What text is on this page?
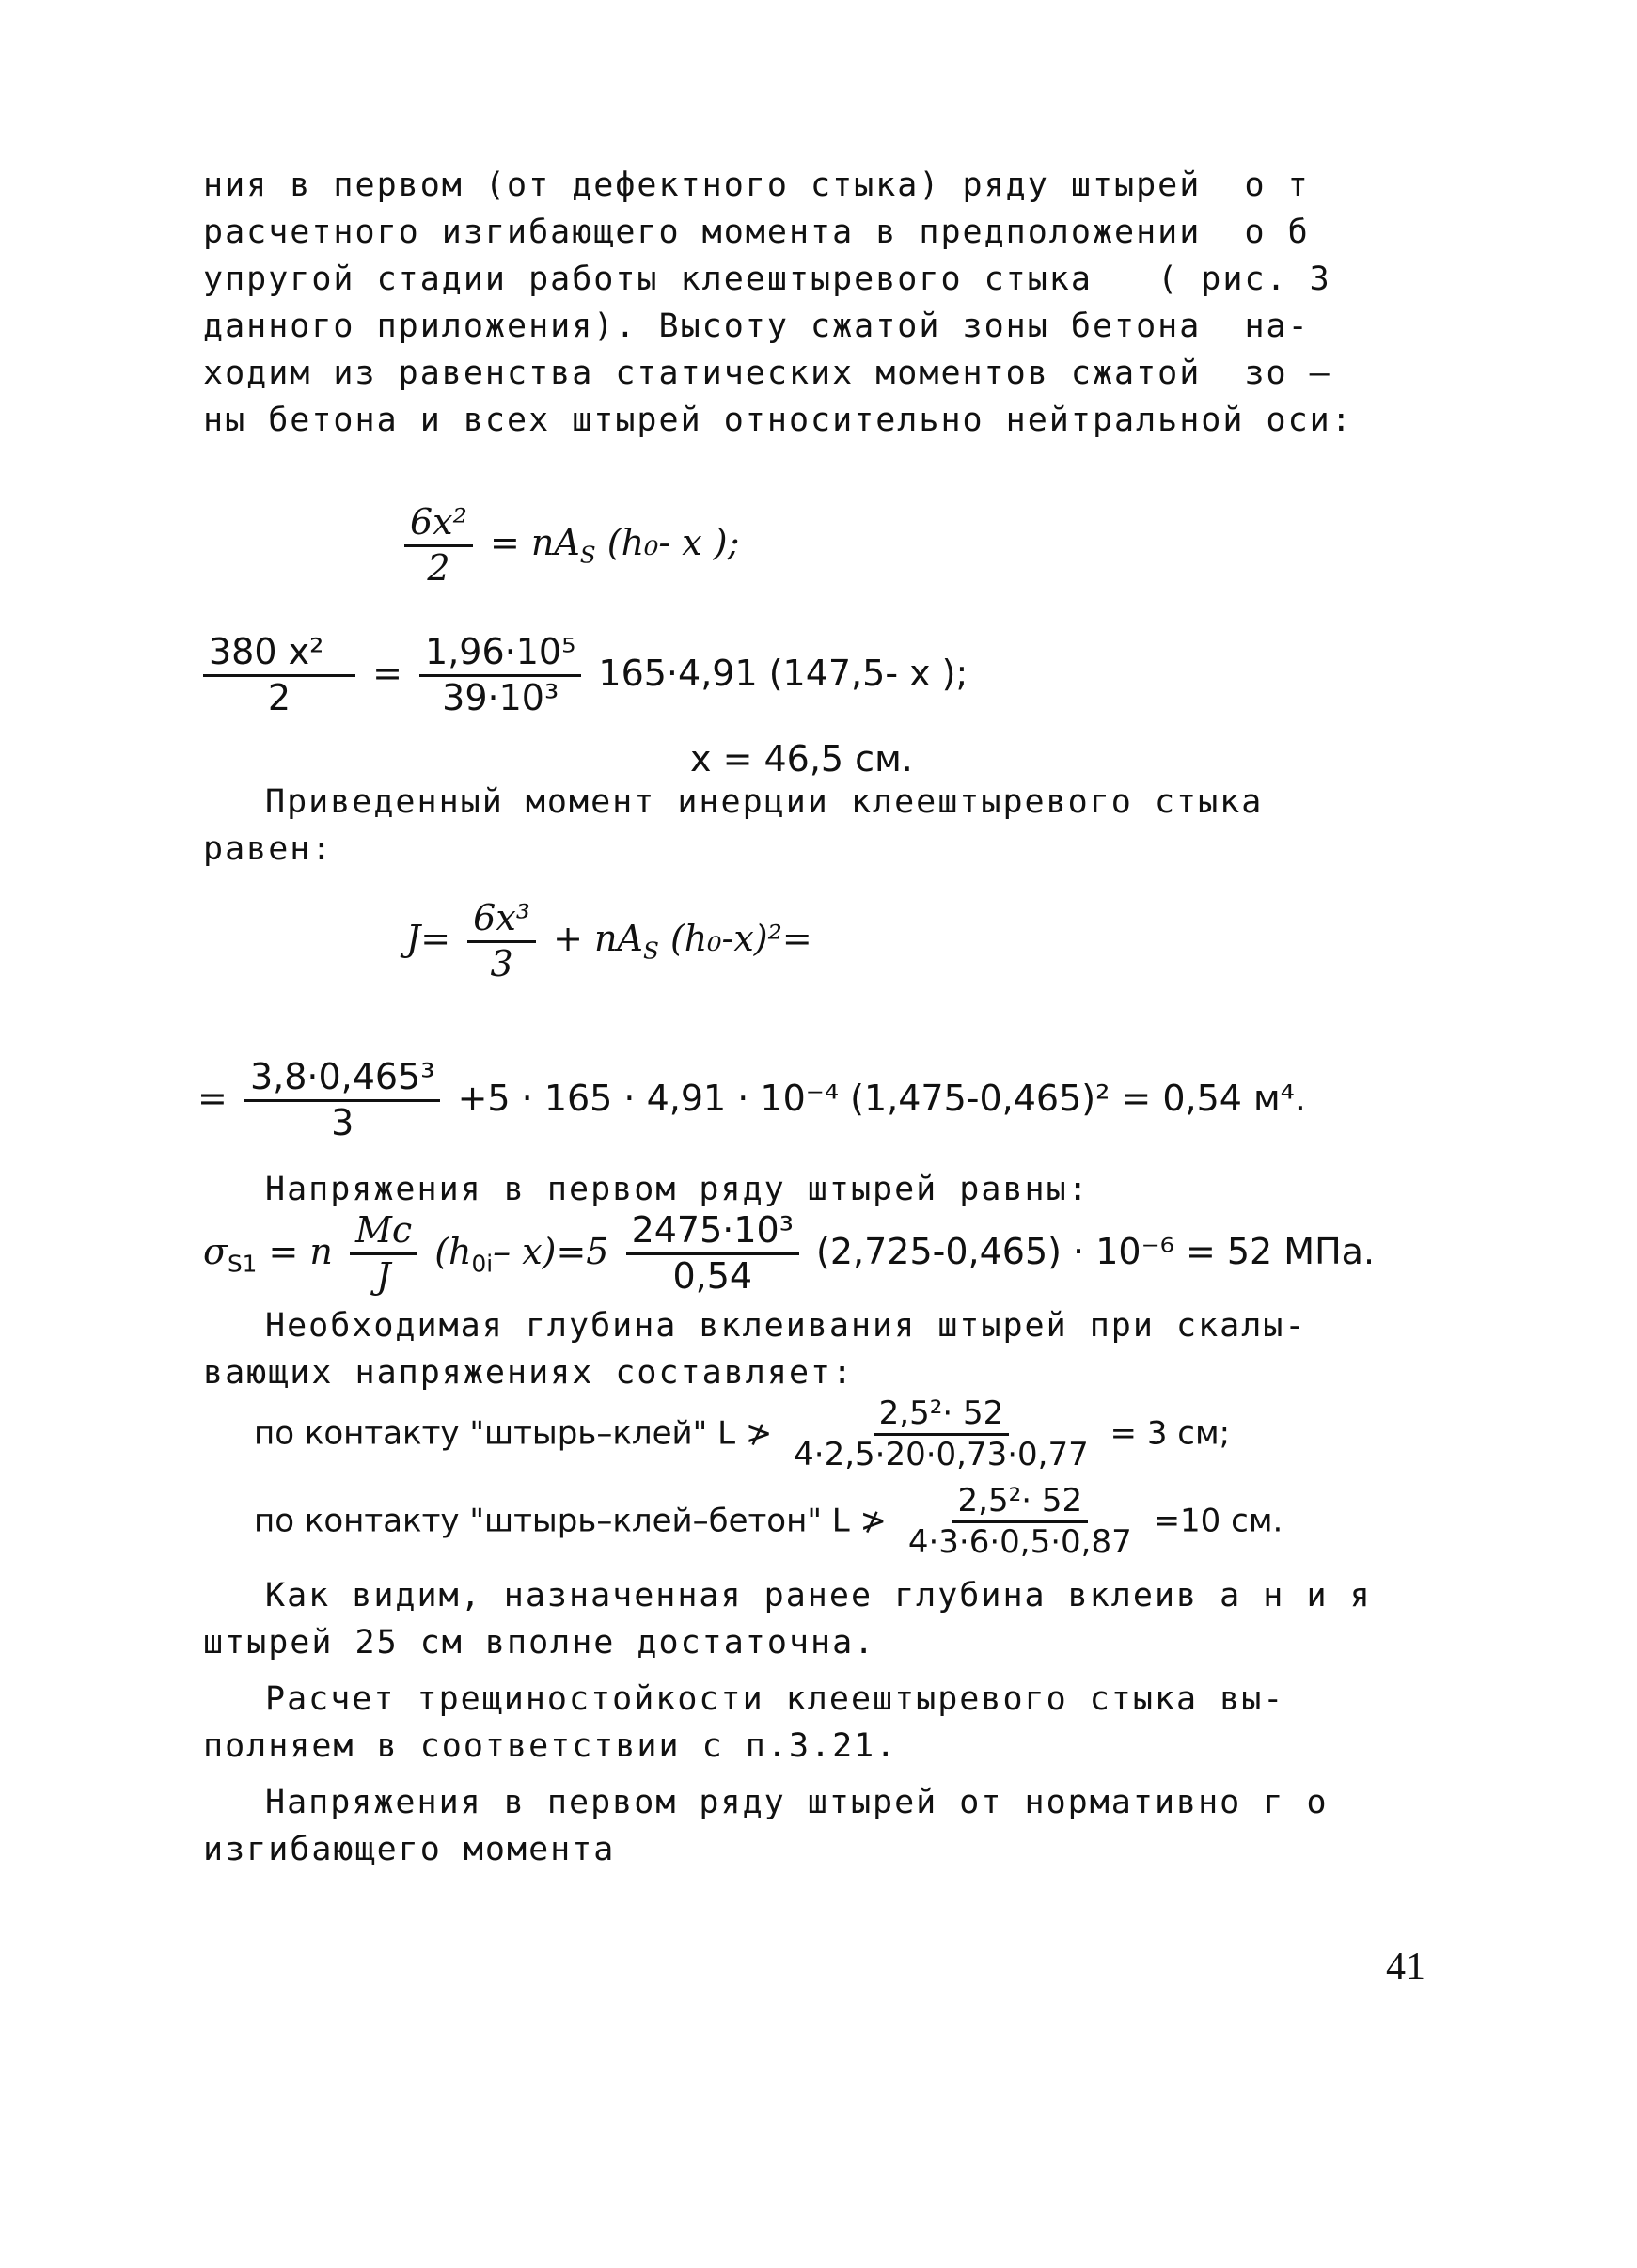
ния в первом (от дефектного стыка) ряду штырей  о т
расчетного изгибающего момента в предположении  о б
упругой стадии работы клеештыревого стыка   ( рис. 3
данного приложения). Высоту сжатой зоны бетона  на-
ходим из равенства статических моментов сжатой  зо –
ны бетона и всех штырей относительно нейтральной оси:
$\frac{\text{6x²}}{2} = nA_S$ (h₀- x );
$\frac{\text{380 x²}}{2} = \frac{\text{1,96·10⁵}}{\text{39·10³}} 165\cdot 4,91$ (147,5- x );
x = 46,5 см.
Приведенный момент инерции клеештыревого стыка
равен:
$J= \frac{\text{6x³}}{3} + nA_S$ (h₀-x)²=
= $\frac{\text{3,8·0,465³}}{3} +5 \cdot 165 \cdot 4,91 \cdot 10^{-4}$ (1,475-0,465)² = 0,54 м⁴.
Напряжения в первом ряду штырей равны:
$\sigma_{S1} = n \frac{Mc}{J} (h_{0i}-$ $x)=5 \frac{\text{2475·10³}}{0,54} (2,725-0,465) \cdot 10^{-6} = 52$ МПа.
Необходимая глубина вклеивания штырей при скалы-
вающих напряжениях составляет:
по контакту "штырь–клей" L ≯ $\frac{\text{2,5²· 52}}{4\cdot 2,5\cdot 20\cdot 0,73\cdot 0,77} = 3$ см;
по контакту "штырь–клей–бетон" L ≯ $\frac{\text{2,5²· 52}}{4\cdot 3\cdot 6\cdot 0,5\cdot 0,87} =10$ см.
Как видим, назначенная ранее глубина вклеив а н и я
штырей 25 см вполне достаточна.
Расчет трещиностойкости клеештыревого стыка вы-
полняем в соответствии с п.3.21.
Напряжения в первом ряду штырей от нормативно г о
изгибающего момента
41
